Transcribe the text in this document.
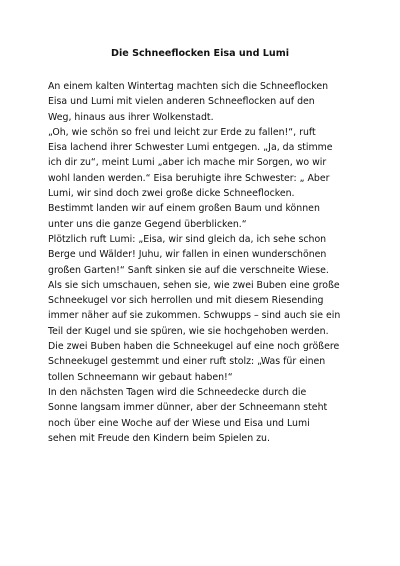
Die Schneeflocken Eisa und Lumi
An einem kalten Wintertag machten sich die Schneeflocken
Eisa und Lumi mit vielen anderen Schneeflocken auf den
Weg, hinaus aus ihrer Wolkenstadt.
„Oh, wie schön so frei und leicht zur Erde zu fallen!“, ruft
Eisa lachend ihrer Schwester Lumi entgegen. „Ja, da stimme
ich dir zu“, meint Lumi „aber ich mache mir Sorgen, wo wir
wohl landen werden.“ Eisa beruhigte ihre Schwester: „ Aber
Lumi, wir sind doch zwei große dicke Schneeflocken.
Bestimmt landen wir auf einem großen Baum und können
unter uns die ganze Gegend überblicken.“
Plötzlich ruft Lumi: „Eisa, wir sind gleich da, ich sehe schon
Berge und Wälder! Juhu, wir fallen in einen wunderschönen
großen Garten!“ Sanft sinken sie auf die verschneite Wiese.
Als sie sich umschauen, sehen sie, wie zwei Buben eine große
Schneekugel vor sich herrollen und mit diesem Riesending
immer näher auf sie zukommen. Schwupps – sind auch sie ein
Teil der Kugel und sie spüren, wie sie hochgehoben werden.
Die zwei Buben haben die Schneekugel auf eine noch größere
Schneekugel gestemmt und einer ruft stolz: „Was für einen
tollen Schneemann wir gebaut haben!“
In den nächsten Tagen wird die Schneedecke durch die
Sonne langsam immer dünner, aber der Schneemann steht
noch über eine Woche auf der Wiese und Eisa und Lumi
sehen mit Freude den Kindern beim Spielen zu.
